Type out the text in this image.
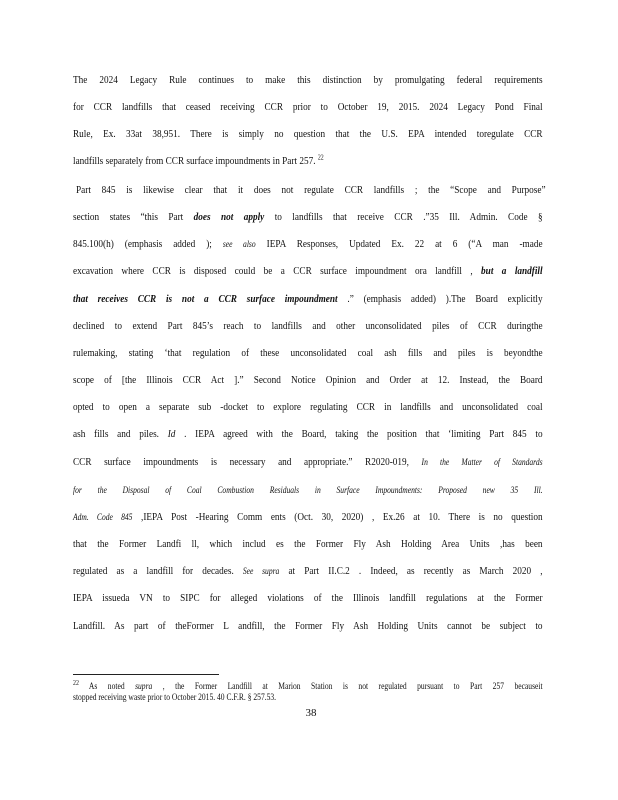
The 2024 Legacy Rule continues to make this distinction by promulgating federal requirements
for CCR landfills that ceased receiving CCR prior to October 19, 2015. 2024 Legacy Pond Final
Rule, Ex. 33at 38,951. There is simply no question that the U.S. EPA intended toregulate CCR
landfills separately from CCR surface impoundments in Part 257. $^{22}$
Part 845 is likewise clear that it does not regulate CCR landfills ; the “Scope and Purpose”
section states “this Part does not apply to landfills that receive CCR .”35 Ill. Admin. Code §
845.100(h) (emphasis added ); see also IEPA Responses, Updated Ex. 22 at 6 (“A man -made
excavation where CCR is disposed could be a CCR surface impoundment ora landfill , but a landfill
that receives CCR is not a CCR surface impoundment .” (emphasis added) ).The Board explicitly
declined to extend Part 845’s reach to landfills and other unconsolidated piles of CCR duringthe
rulemaking, stating ‘that regulation of these unconsolidated coal ash fills and piles is beyondthe
scope of [the Illinois CCR Act ].” Second Notice Opinion and Order at 12. Instead, the Board
opted to open a separate sub -docket to explore regulating CCR in landfills and unconsolidated coal
ash fills and piles. Id . IEPA agreed with the Board, taking the position that ‘limiting Part 845 to
CCR surface impoundments is necessary and appropriate.” R2020-019, In the Matter of Standards
for the Disposal of Coal Combustion Residuals in Surface Impoundments: Proposed new 35 Ill.
Adm. Code 845 ,IEPA Post -Hearing Comm ents (Oct. 30, 2020) , Ex.26 at 10. There is no question
that the Former Landfi ll, which includ es the Former Fly Ash Holding Area Units ,has been
regulated as a landfill for decades. See supra at Part II.C.2 . Indeed, as recently as March 2020 ,
IEPA issueda VN to SIPC for alleged violations of the Illinois landfill regulations at the Former
Landfill. As part of theFormer L andfill, the Former Fly Ash Holding Units cannot be subject to
$^{22}$ As noted supra , the Former Landfill at Marion Station is not regulated pursuant to Part 257 becauseit
stopped receiving waste prior to October 2015. 40 C.F.R. § 257.53.
38
